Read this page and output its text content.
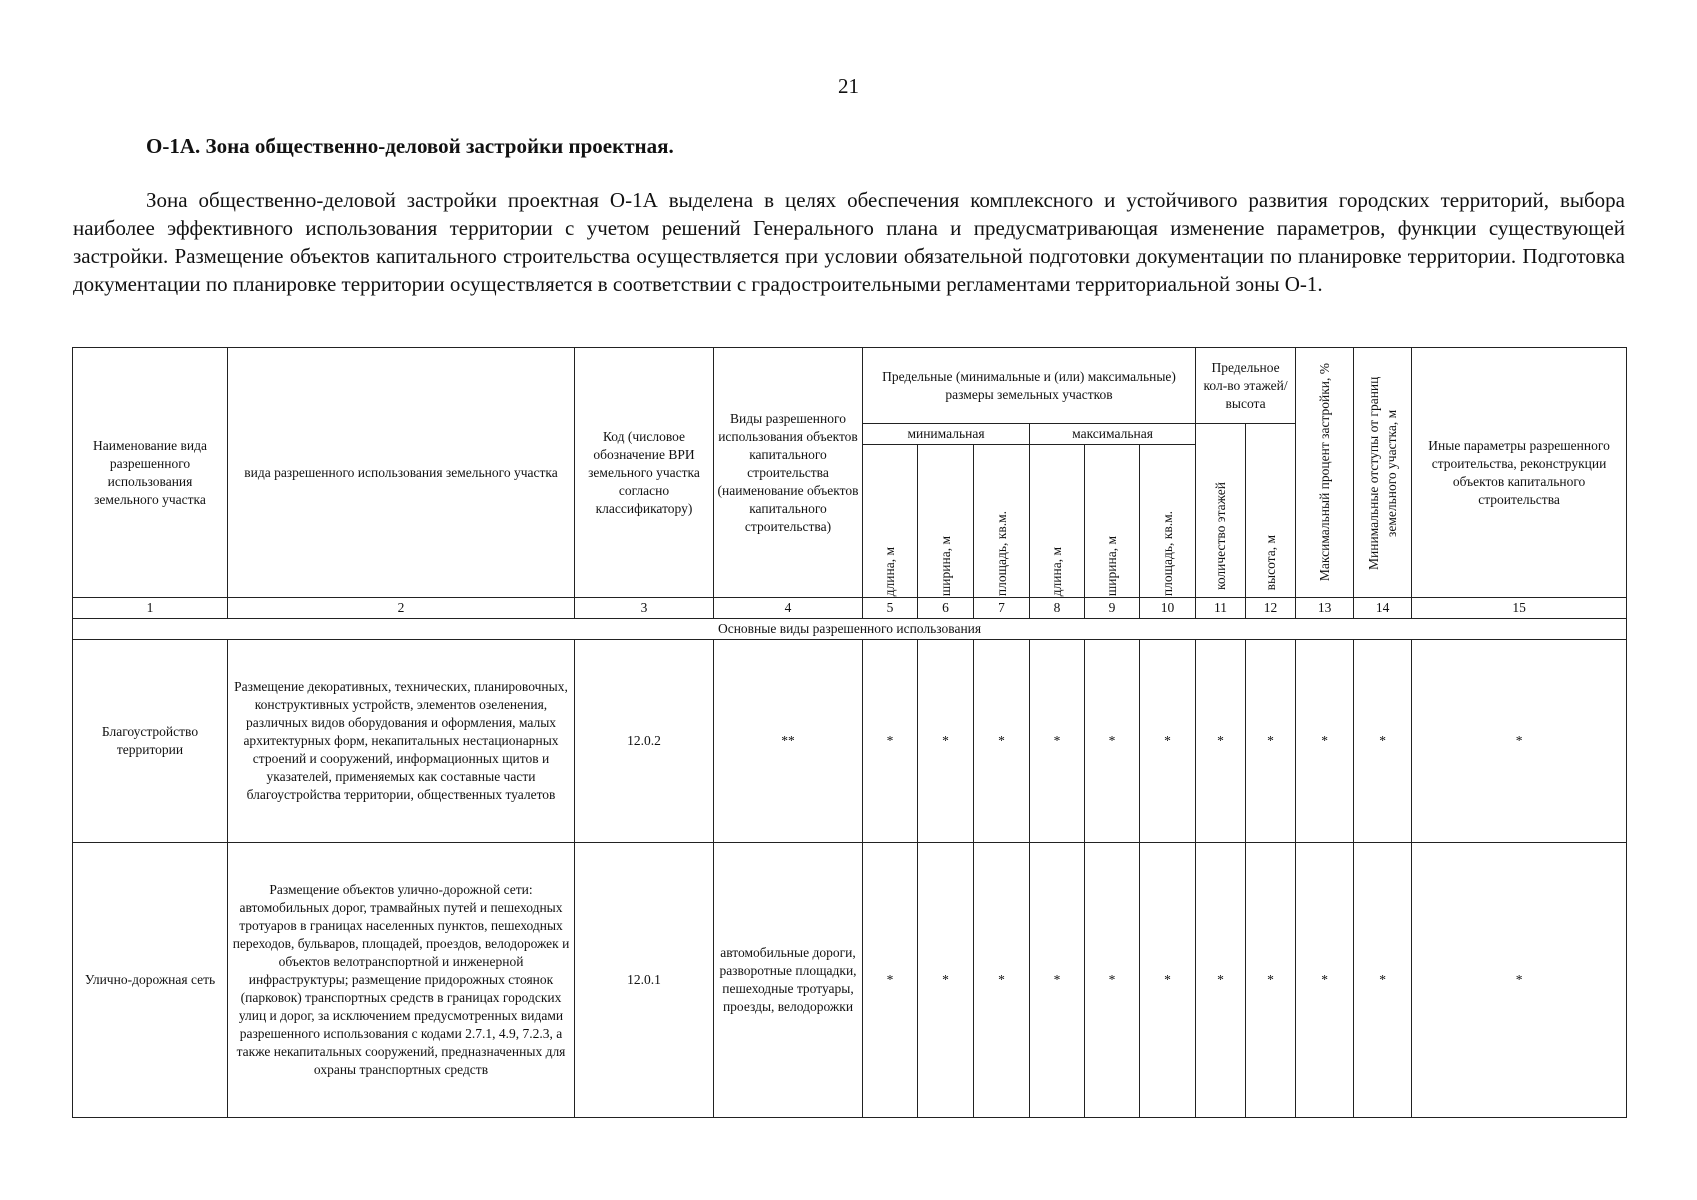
21
О-1А. Зона общественно-деловой застройки проектная.
Зона общественно-деловой застройки проектная О-1А выделена в целях обеспечения комплексного и устойчивого развития городских территорий, выбора наиболее эффективного использования территории с учетом решений Генерального плана и предусматривающая изменение параметров, функции существующей застройки. Размещение объектов капитального строительства осуществляется при условии обязательной подготовки документации по планировке территории. Подготовка документации по планировке территории осуществляется в соответствии с градостроительными регламентами территориальной зоны О-1.
Наименование вида разрешенного использования земельного участка	вида разрешенного использования земельного участка	Код (числовое обозначение ВРИ земельного участка согласно классификатору)	Виды разрешенного использования объектов капитального строительства (наименование объектов капитального строительства)	Предельные (минимальные и (или) максимальные) размеры земельных участков						Предельное кол-во этажей/ высота		Максимальный процент застройки, %	Минимальные отступы от границ земельного участка, м	Иные параметры разрешенного строительства, реконструкции объектов капитального строительства
				минимальная			максимальная			количество этажей	высота, м			

				длина, м	ширина, м	площадь, кв.м.	длина, м	ширина, м	площадь, кв.м.					

1	2	3	4	5	6	7	8	9	10	11	12	13	14	15
Основные виды разрешенного использования														
Благоустройство территории	Размещение декоративных, технических, планировочных, конструктивных устройств, элементов озеленения, различных видов оборудования и оформления, малых архитектурных форм, некапитальных нестационарных строений и сооружений, информационных щитов и указателей, применяемых как составные части благоустройства территории, общественных туалетов	12.0.2	**	*	*	*	*	*	*	*	*	*	*	*
Улично-дорожная сеть	Размещение объектов улично-дорожной сети: автомобильных дорог, трамвайных путей и пешеходных тротуаров в границах населенных пунктов, пешеходных переходов, бульваров, площадей, проездов, велодорожек и объектов велотранспортной и инженерной инфраструктуры; размещение придорожных стоянок (парковок) транспортных средств в границах городских улиц и дорог, за исключением предусмотренных видами разрешенного использования с кодами 2.7.1, 4.9, 7.2.3, а также некапитальных сооружений, предназначенных для охраны транспортных средств	12.0.1	автомобильные дороги, разворотные площадки, пешеходные тротуары, проезды, велодорожки	*	*	*	*	*	*	*	*	*	*	*
